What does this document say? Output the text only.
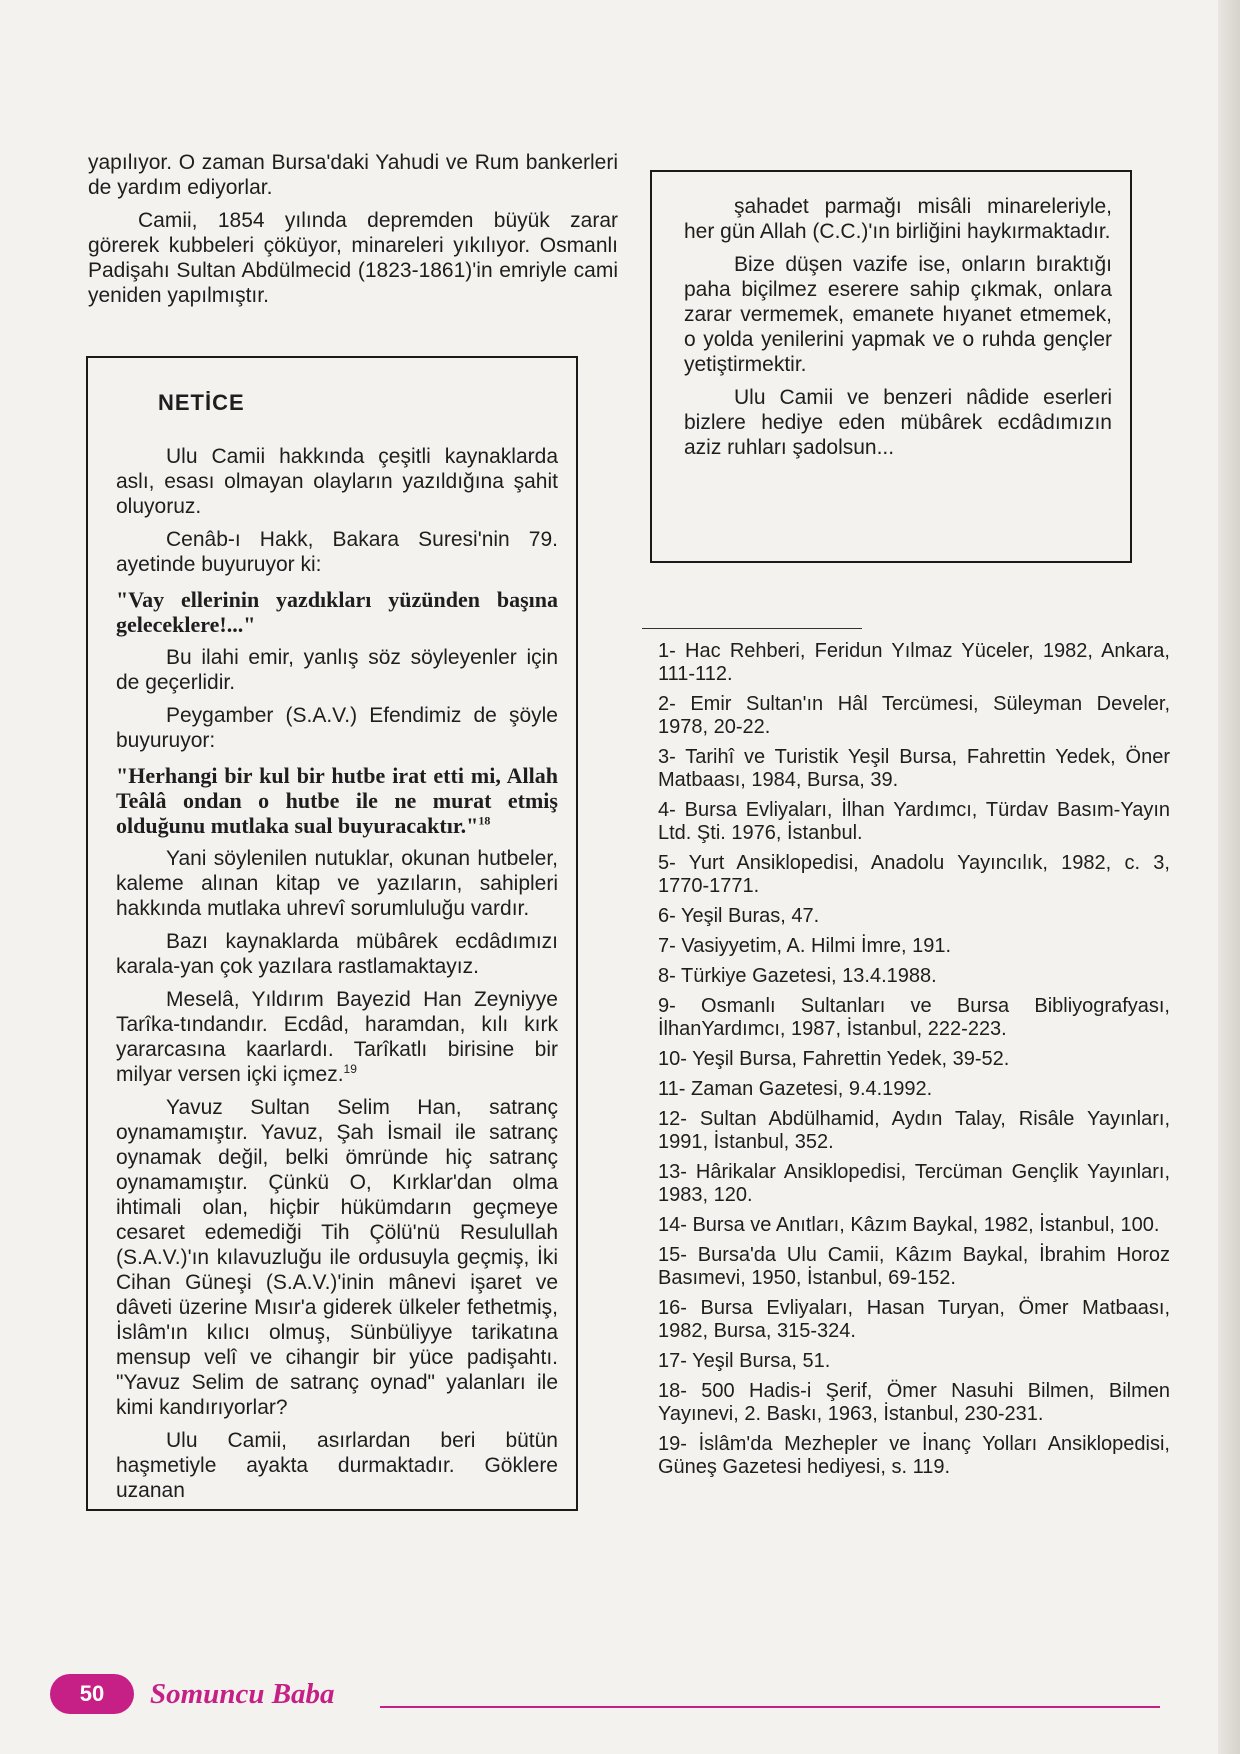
yapılıyor. O zaman Bursa'daki Yahudi ve Rum bankerleri de yardım ediyorlar.

Camii, 1854 yılında depremden büyük zarar görerek kubbeleri çöküyor, minareleri yıkılıyor. Osmanlı Padişahı Sultan Abdülmecid (1823-1861)'in emriyle cami yeniden yapılmıştır.

NETİCE

Ulu Camii hakkında çeşitli kaynaklarda aslı, esası olmayan olayların yazıldığına şahit oluyoruz.

Cenâb-ı Hakk, Bakara Suresi'nin 79. ayetinde buyuruyor ki:

"Vay ellerinin yazdıkları yüzünden başına geleceklere!..."

Bu ilahi emir, yanlış söz söyleyenler için de geçerlidir.

Peygamber (S.A.V.) Efendimiz de şöyle buyuruyor:

"Herhangi bir kul bir hutbe irat etti mi, Allah Teâlâ ondan o hutbe ile ne murat etmiş olduğunu mutlaka sual buyuracaktır."$^{18}$

Yani söylenilen nutuklar, okunan hutbeler, kaleme alınan kitap ve yazıların, sahipleri hakkında mutlaka uhrevî sorumluluğu vardır.

Bazı kaynaklarda mübârek ecdâdımızı karala-yan çok yazılara rastlamaktayız.

Meselâ, Yıldırım Bayezid Han Zeyniyye Tarîka-tındandır. Ecdâd, haramdan, kılı kırk yararcasına kaarlardı. Tarîkatlı birisine bir milyar versen içki içmez.$^{19}$

Yavuz Sultan Selim Han, satranç oynamamıştır. Yavuz, Şah İsmail ile satranç oynamak değil, belki ömründe hiç satranç oynamamıştır. Çünkü O, Kırklar'dan olma ihtimali olan, hiçbir hükümdarın geçmeye cesaret edemediği Tih Çölü'nü Resulullah (S.A.V.)'ın kılavuzluğu ile ordusuyla geçmiş, İki Cihan Güneşi (S.A.V.)'inin mânevi işaret ve dâveti üzerine Mısır'a giderek ülkeler fethetmiş, İslâm'ın kılıcı olmuş, Sünbüliyye tarikatına mensup velî ve cihangir bir yüce padişahtı. "Yavuz Selim de satranç oynad" yalanları ile kimi kandırıyorlar?

Ulu Camii, asırlardan beri bütün haşmetiyle ayakta durmaktadır. Göklere uzanan

şahadet parmağı misâli minareleriyle, her gün Allah (C.C.)'ın birliğini haykırmaktadır.

Bize düşen vazife ise, onların bıraktığı paha biçilmez eserere sahip çıkmak, onlara zarar vermemek, emanete hıyanet etmemek, o yolda yenilerini yapmak ve o ruhda gençler yetiştirmektir.

Ulu Camii ve benzeri nâdide eserleri bizlere hediye eden mübârek ecdâdımızın aziz ruhları şadolsun...

1- Hac Rehberi, Feridun Yılmaz Yüceler, 1982, Ankara, 111-112.

2- Emir Sultan'ın Hâl Tercümesi, Süleyman Develer, 1978, 20-22.

3- Tarihî ve Turistik Yeşil Bursa, Fahrettin Yedek, Öner Matbaası, 1984, Bursa, 39.

4- Bursa Evliyaları, İlhan Yardımcı, Türdav Basım-Yayın Ltd. Şti. 1976, İstanbul.

5- Yurt Ansiklopedisi, Anadolu Yayıncılık, 1982, c. 3, 1770-1771.

6- Yeşil Buras, 47.

7- Vasiyyetim, A. Hilmi İmre, 191.

8- Türkiye Gazetesi, 13.4.1988.

9- Osmanlı Sultanları ve Bursa Bibliyografyası, İlhanYardımcı, 1987, İstanbul, 222-223.

10- Yeşil Bursa, Fahrettin Yedek, 39-52.

11- Zaman Gazetesi, 9.4.1992.

12- Sultan Abdülhamid, Aydın Talay, Risâle Yayınları, 1991, İstanbul, 352.

13- Hârikalar Ansiklopedisi, Tercüman Gençlik Yayınları, 1983, 120.

14- Bursa ve Anıtları, Kâzım Baykal, 1982, İstanbul, 100.

15- Bursa'da Ulu Camii, Kâzım Baykal, İbrahim Horoz Basımevi, 1950, İstanbul, 69-152.

16- Bursa Evliyaları, Hasan Turyan, Ömer Matbaası, 1982, Bursa, 315-324.

17- Yeşil Bursa, 51.

18- 500 Hadis-i Şerif, Ömer Nasuhi Bilmen, Bilmen Yayınevi, 2. Baskı, 1963, İstanbul, 230-231.

19- İslâm'da Mezhepler ve İnanç Yolları Ansiklopedisi, Güneş Gazetesi hediyesi, s. 119.

50	Somuncu Baba
